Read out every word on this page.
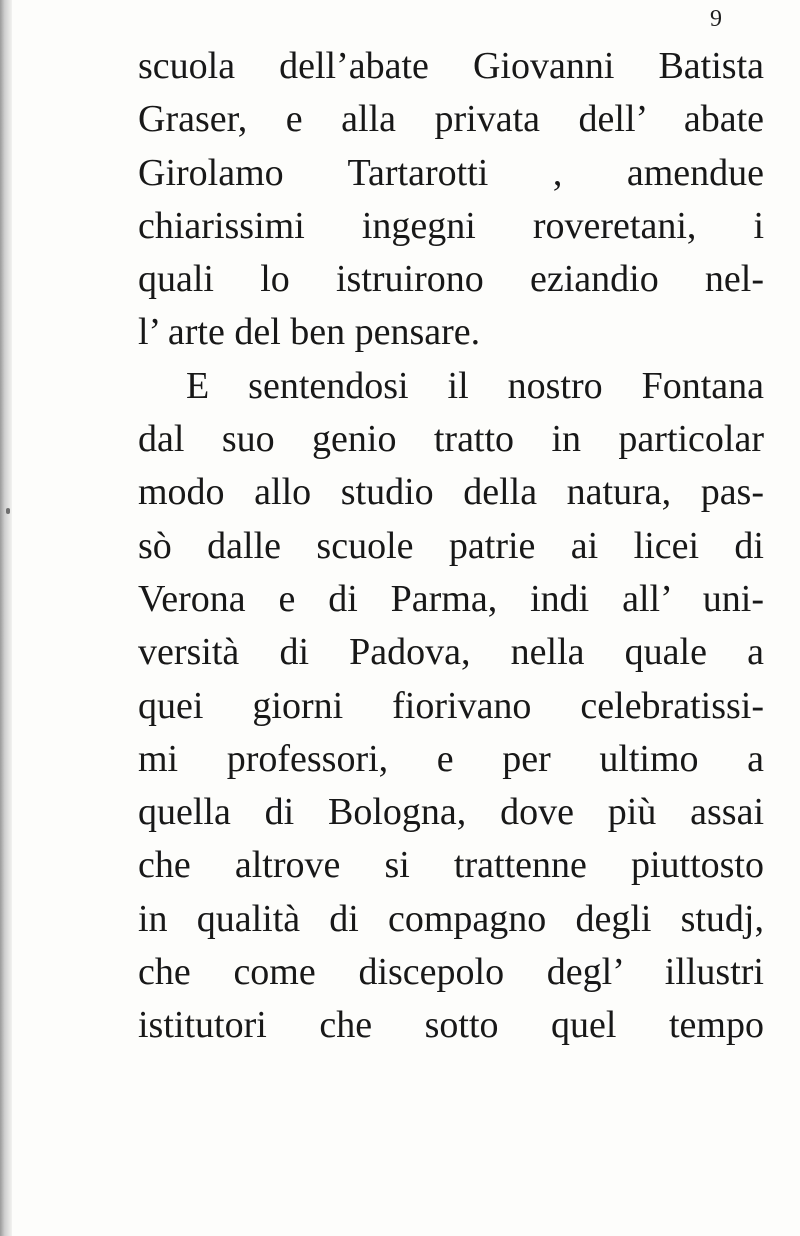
9
scuola dell’abate Giovanni Batista
Graser, e alla privata dell’ abate
Girolamo Tartarotti , amendue
chiarissimi ingegni roveretani, i
quali lo istruirono eziandio nel-
l’ arte del ben pensare.
E sentendosi il nostro Fontana
dal suo genio tratto in particolar
modo allo studio della natura, pas-
sò dalle scuole patrie ai licei di
Verona e di Parma, indi all’ uni-
versità di Padova, nella quale a
quei giorni fiorivano celebratissi-
mi professori, e per ultimo a
quella di Bologna, dove più assai
che altrove si trattenne piuttosto
in qualità di compagno degli studj,
che come discepolo degl’ illustri
istitutori che sotto quel tempo
